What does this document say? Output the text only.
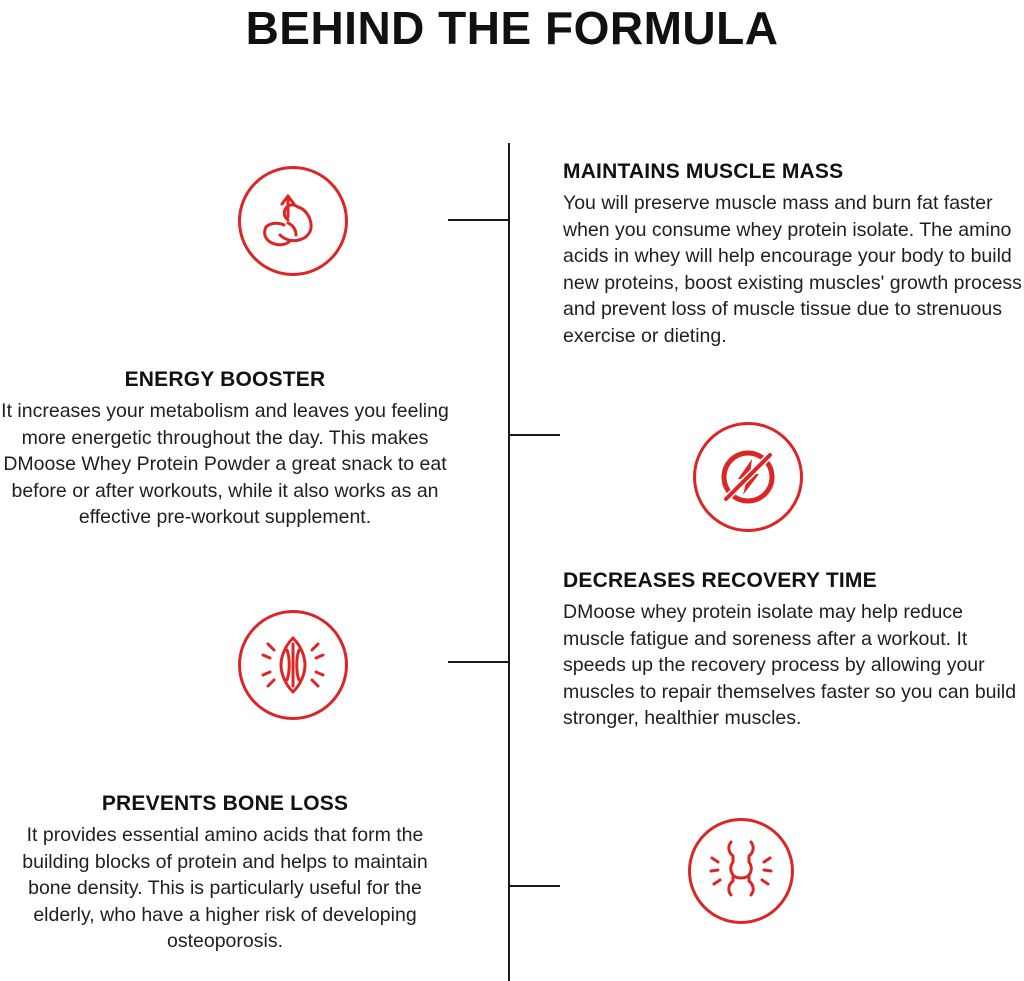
BEHIND THE FORMULA
MAINTAINS MUSCLE MASS

You will preserve muscle mass and burn fat faster when you consume whey protein isolate. The amino acids in whey will help encourage your body to build new proteins, boost existing muscles' growth process and prevent loss of muscle tissue due to strenuous exercise or dieting.

ENERGY BOOSTER

It increases your metabolism and leaves you feeling more energetic throughout the day. This makes DMoose Whey Protein Powder a great snack to eat before or after workouts, while it also works as an effective pre-workout supplement.

DECREASES RECOVERY TIME

DMoose whey protein isolate may help reduce muscle fatigue and soreness after a workout. It speeds up the recovery process by allowing your muscles to repair themselves faster so you can build stronger, healthier muscles.

PREVENTS BONE LOSS

It provides essential amino acids that form the building blocks of protein and helps to maintain bone density. This is particularly useful for the elderly, who have a higher risk of developing osteoporosis.
